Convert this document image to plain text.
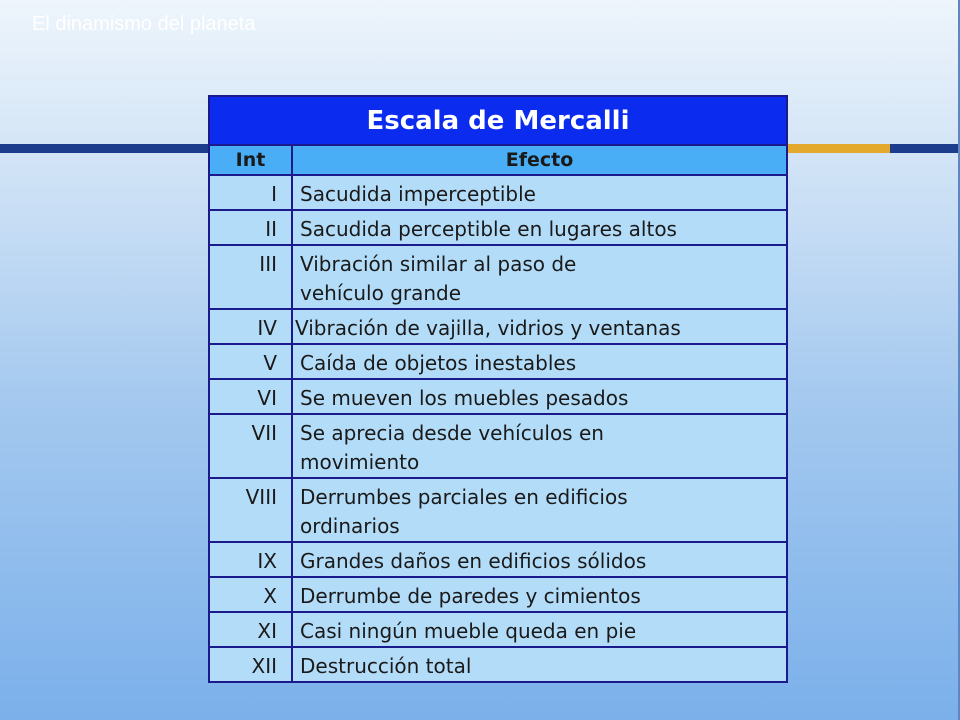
El dinamismo del planeta
Escala de Mercalli	
Int	Efecto
I	Sacudida imperceptible

II	Sacudida perceptible en lugares altos

III	Vibración similar al paso de
vehículo grande

IV	Vibración de vajilla, vidrios y ventanas

V	Caída de objetos inestables

VI	Se mueven los muebles pesados

VII	Se aprecia desde vehículos en
movimiento

VIII	Derrumbes parciales en edificios
ordinarios

IX	Grandes daños en edificios sólidos

X	Derrumbe de paredes y cimientos

XI	Casi ningún mueble queda en pie

XII	Destrucción total
